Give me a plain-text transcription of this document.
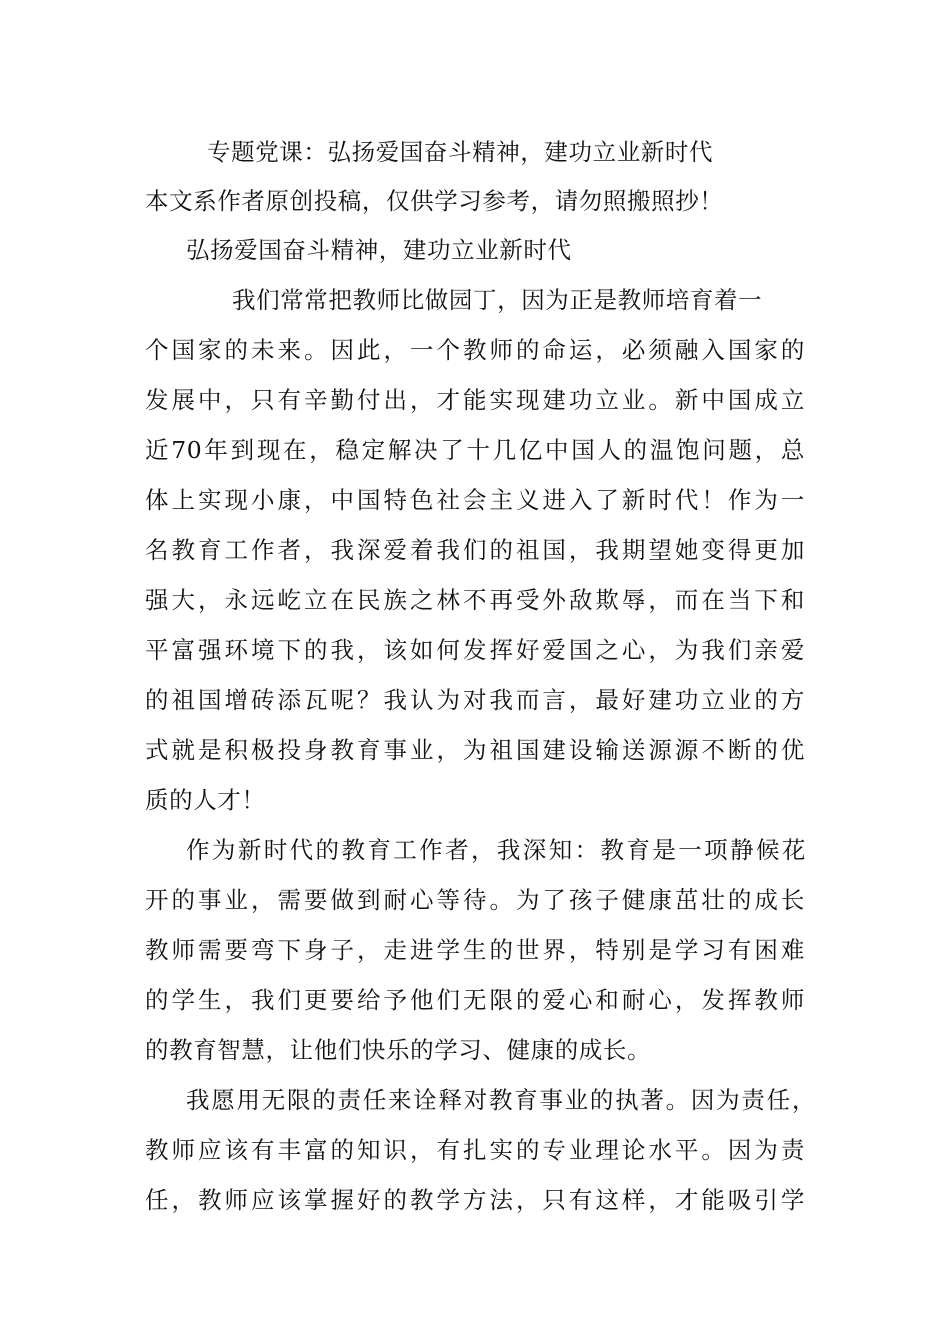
专题党课：弘扬爱国奋斗精神，建功立业新时代
本文系作者原创投稿，仅供学习参考，请勿照搬照抄！
弘扬爱国奋斗精神，建功立业新时代
我们常常把教师比做园丁，因为正是教师培育着一
个国家的未来。因此，一个教师的命运，必须融入国家的
发展中，只有辛勤付出，才能实现建功立业。新中国成立
近70年到现在，稳定解决了十几亿中国人的温饱问题，总
体上实现小康，中国特色社会主义进入了新时代！作为一
名教育工作者，我深爱着我们的祖国，我期望她变得更加
强大，永远屹立在民族之林不再受外敌欺辱，而在当下和
平富强环境下的我，该如何发挥好爱国之心，为我们亲爱
的祖国增砖添瓦呢？我认为对我而言，最好建功立业的方
式就是积极投身教育事业，为祖国建设输送源源不断的优
质的人才！
作为新时代的教育工作者，我深知：教育是一项静候花
开的事业，需要做到耐心等待。为了孩子健康茁壮的成长
教师需要弯下身子，走进学生的世界，特别是学习有困难
的学生，我们更要给予他们无限的爱心和耐心，发挥教师
的教育智慧，让他们快乐的学习、健康的成长。
我愿用无限的责任来诠释对教育事业的执著。因为责任，
教师应该有丰富的知识，有扎实的专业理论水平。因为责
任，教师应该掌握好的教学方法，只有这样，才能吸引学
